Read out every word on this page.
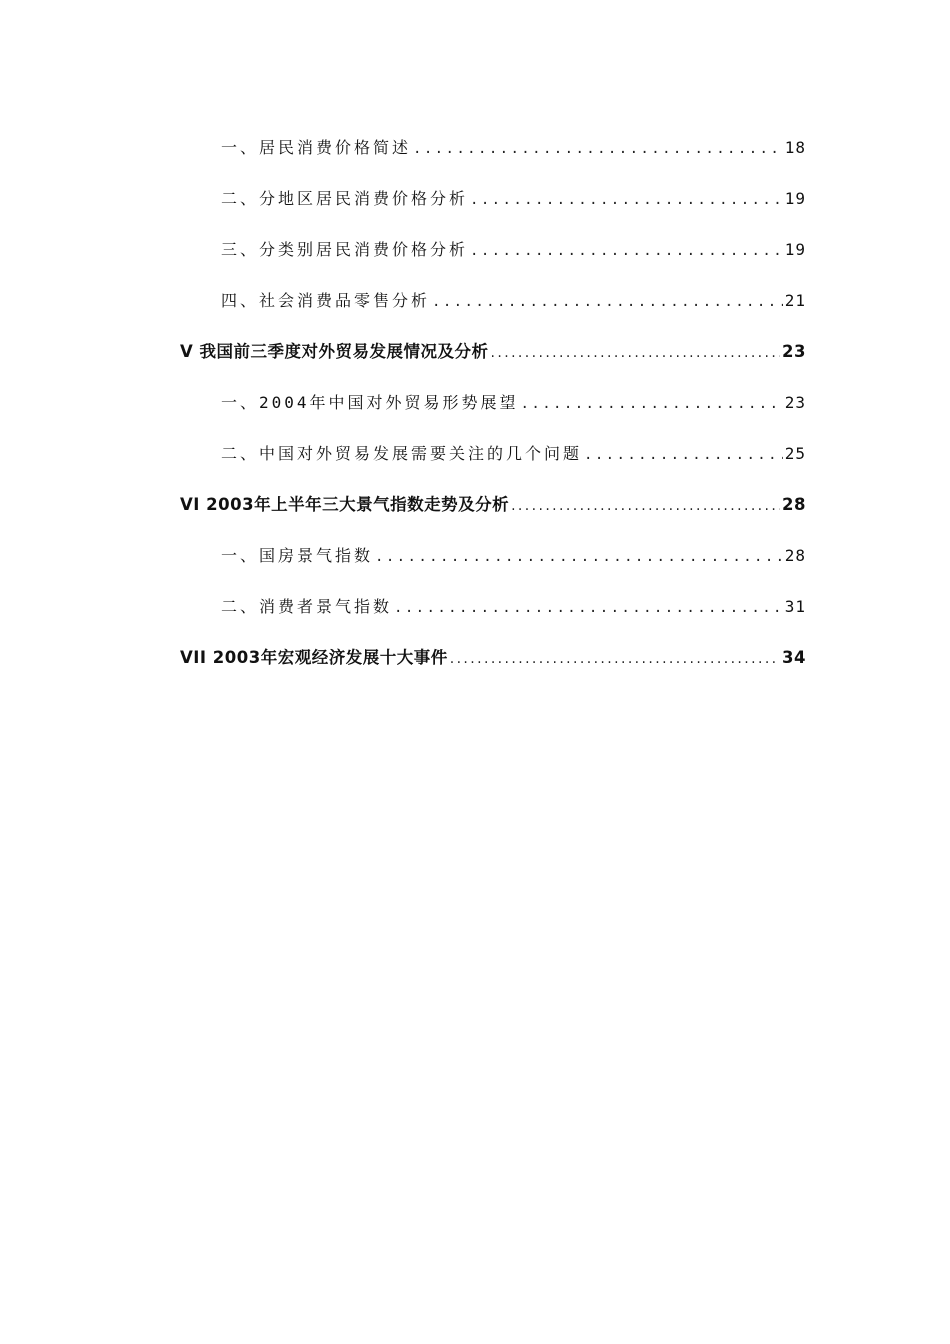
一、居民消费价格简述 .....	18
二、分地区居民消费价格分析 .....	19
三、分类别居民消费价格分析 .....	19
四、社会消费品零售分析 .....	21
V 我国前三季度对外贸易发展情况及分析 .....	23
一、2004年中国对外贸易形势展望 .....	23
二、中国对外贸易发展需要关注的几个问题 .....	25
VI 2003年上半年三大景气指数走势及分析 .....	28
一、国房景气指数 .....	28
二、消费者景气指数 .....	31
VII 2003年宏观经济发展十大事件 .....	34
